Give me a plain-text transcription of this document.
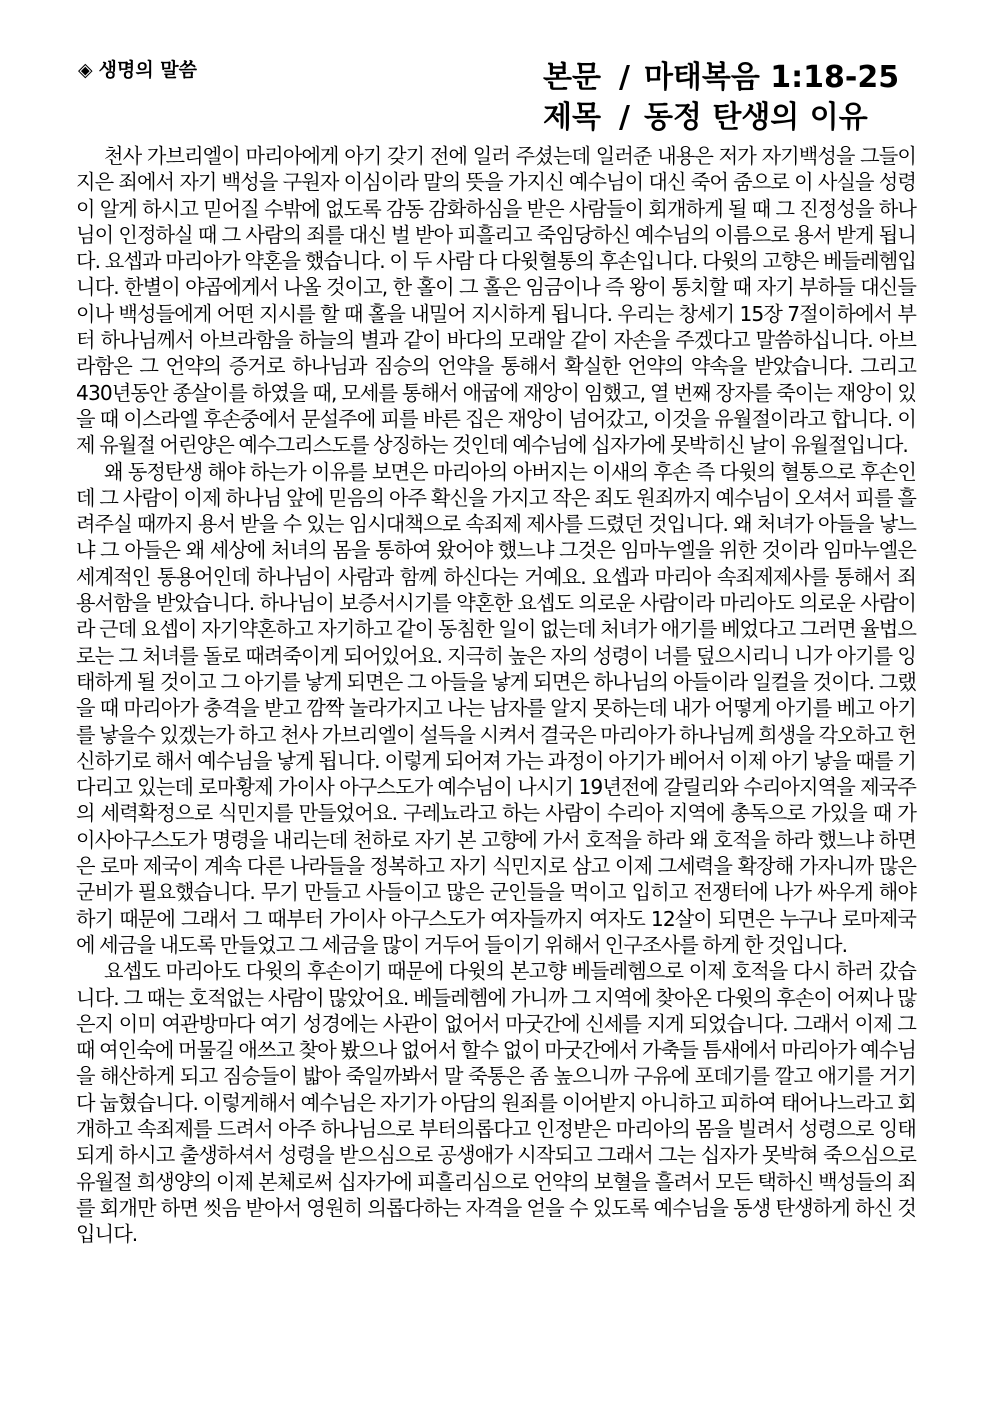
◈ 생명의 말씀	본문 / 마태복음 1:18-25
제목 / 동정 탄생의 이유

천사 가브리엘이 마리아에게 아기 갖기 전에 일러 주셨는데 일러준 내용은 저가 자기백성을 그들이 지은 죄에서 자기 백성을 구원자 이심이라 말의 뜻을 가지신 예수님이 대신 죽어 줌으로 이 사실을 성령이 알게 하시고 믿어질 수밖에 없도록 감동 감화하심을 받은 사람들이 회개하게 될 때 그 진정성을 하나님이 인정하실 때 그 사람의 죄를 대신 벌 받아 피흘리고 죽임당하신 예수님의 이름으로 용서 받게 됩니다. 요셉과 마리아가 약혼을 했습니다. 이 두 사람 다 다윗혈통의 후손입니다. 다윗의 고향은 베들레헴입니다. 한별이 야곱에게서 나올 것이고, 한 홀이 그 홀은 임금이나 즉 왕이 통치할 때 자기 부하들 대신들이나 백성들에게 어떤 지시를 할 때 홀을 내밀어 지시하게 됩니다. 우리는 창세기 15장 7절이하에서 부터 하나님께서 아브라함을 하늘의 별과 같이 바다의 모래알 같이 자손을 주겠다고 말씀하십니다. 아브라함은 그 언약의 증거로 하나님과 짐승의 언약을 통해서 확실한 언약의 약속을 받았습니다. 그리고 430년동안 종살이를 하였을 때, 모세를 통해서 애굽에 재앙이 임했고, 열 번째 장자를 죽이는 재앙이 있을 때 이스라엘 후손중에서 문설주에 피를 바른 집은 재앙이 넘어갔고, 이것을 유월절이라고 합니다. 이제 유월절 어린양은 예수그리스도를 상징하는 것인데 예수님에 십자가에 못박히신 날이 유월절입니다.

왜 동정탄생 해야 하는가 이유를 보면은 마리아의 아버지는 이새의 후손 즉 다윗의 혈통으로 후손인데 그 사람이 이제 하나님 앞에 믿음의 아주 확신을 가지고 작은 죄도 원죄까지 예수님이 오셔서 피를 흘려주실 때까지 용서 받을 수 있는 임시대책으로 속죄제 제사를 드렸던 것입니다. 왜 처녀가 아들을 낳느냐 그 아들은 왜 세상에 처녀의 몸을 통하여 왔어야 했느냐 그것은 임마누엘을 위한 것이라 임마누엘은 세계적인 통용어인데 하나님이 사람과 함께 하신다는 거예요. 요셉과 마리아 속죄제제사를 통해서 죄 용서함을 받았습니다. 하나님이 보증서시기를 약혼한 요셉도 의로운 사람이라 마리아도 의로운 사람이라 근데 요셉이 자기약혼하고 자기하고 같이 동침한 일이 없는데 처녀가 애기를 베었다고 그러면 율법으로는 그 처녀를 돌로 때려죽이게 되어있어요. 지극히 높은 자의 성령이 너를 덮으시리니 니가 아기를 잉태하게 될 것이고 그 아기를 낳게 되면은 그 아들을 낳게 되면은 하나님의 아들이라 일컬을 것이다. 그랬을 때 마리아가 충격을 받고 깜짝 놀라가지고 나는 남자를 알지 못하는데 내가 어떻게 아기를 베고 아기를 낳을수 있겠는가 하고 천사 가브리엘이 설득을 시켜서 결국은 마리아가 하나님께 희생을 각오하고 헌신하기로 해서 예수님을 낳게 됩니다. 이렇게 되어져 가는 과정이 아기가 베어서 이제 아기 낳을 때를 기다리고 있는데 로마황제 가이사 아구스도가 예수님이 나시기 19년전에 갈릴리와 수리아지역을 제국주의 세력확정으로 식민지를 만들었어요. 구레뇨라고 하는 사람이 수리아 지역에 총독으로 가있을 때 가이사아구스도가 명령을 내리는데 천하로 자기 본 고향에 가서 호적을 하라 왜 호적을 하라 했느냐 하면은 로마 제국이 계속 다른 나라들을 정복하고 자기 식민지로 삼고 이제 그세력을 확장해 가자니까 많은 군비가 필요했습니다. 무기 만들고 사들이고 많은 군인들을 먹이고 입히고 전쟁터에 나가 싸우게 해야하기 때문에 그래서 그 때부터 가이사 아구스도가 여자들까지 여자도 12살이 되면은 누구나 로마제국에 세금을 내도록 만들었고 그 세금을 많이 거두어 들이기 위해서 인구조사를 하게 한 것입니다.

요셉도 마리아도 다윗의 후손이기 때문에 다윗의 본고향 베들레헴으로 이제 호적을 다시 하러 갔습니다. 그 때는 호적없는 사람이 많았어요. 베들레헴에 가니까 그 지역에 찾아온 다윗의 후손이 어찌나 많은지 이미 여관방마다 여기 성경에는 사관이 없어서 마굿간에 신세를 지게 되었습니다. 그래서 이제 그 때 여인숙에 머물길 애쓰고 찾아 봤으나 없어서 할수 없이 마굿간에서 가축들 틈새에서 마리아가 예수님을 해산하게 되고 짐승들이 밟아 죽일까봐서 말 죽통은 좀 높으니까 구유에 포데기를 깔고 애기를 거기다 눕혔습니다. 이렇게해서 예수님은 자기가 아담의 원죄를 이어받지 아니하고 피하여 태어나느라고 회개하고 속죄제를 드려서 아주 하나님으로 부터의롭다고 인정받은 마리아의 몸을 빌려서 성령으로 잉태되게 하시고 출생하셔서 성령을 받으심으로 공생애가 시작되고 그래서 그는 십자가 못박혀 죽으심으로 유월절 희생양의 이제 본체로써 십자가에 피흘리심으로 언약의 보혈을 흘려서 모든 택하신 백성들의 죄를 회개만 하면 씻음 받아서 영원히 의롭다하는 자격을 얻을 수 있도록 예수님을 동생 탄생하게 하신 것입니다.
